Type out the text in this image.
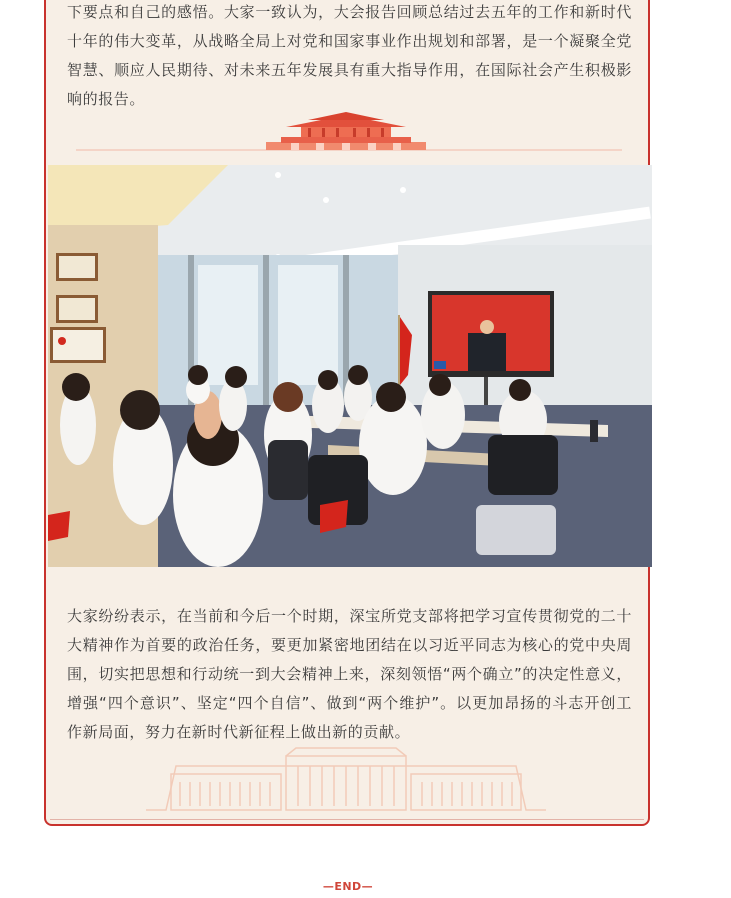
下要点和自己的感悟。大家一致认为，大会报告回顾总结过去五年的工作和新时代十年的伟大变革，从战略全局上对党和国家事业作出规划和部署，是一个凝聚全党智慧、顺应人民期待、对未来五年发展具有重大指导作用，在国际社会产生积极影响的报告。

大家纷纷表示，在当前和今后一个时期，深宝所党支部将把学习宣传贯彻党的二十大精神作为首要的政治任务，要更加紧密地团结在以习近平同志为核心的党中央周围，切实把思想和行动统一到大会精神上来，深刻领悟“两个确立”的决定性意义，增强“四个意识”、坚定“四个自信”、做到“两个维护”。以更加昂扬的斗志开创工作新局面，努力在新时代新征程上做出新的贡献。

—END—
